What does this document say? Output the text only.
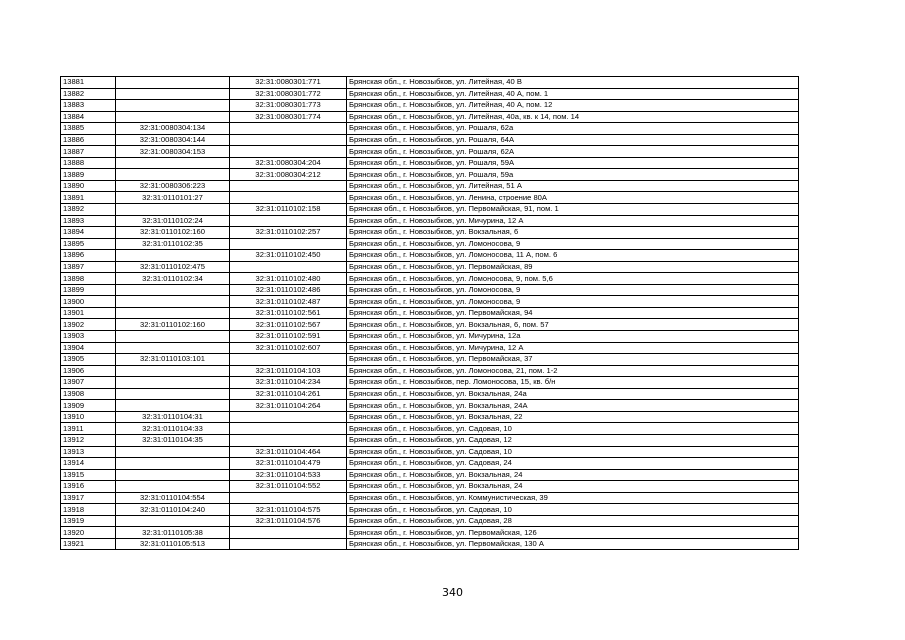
13881		32:31:0080301:771	Брянская обл., г. Новозыбков, ул. Литейная, 40 В
13882		32:31:0080301:772	Брянская обл., г. Новозыбков, ул. Литейная, 40 А, пом. 1
13883		32:31:0080301:773	Брянская обл., г. Новозыбков, ул. Литейная, 40 А, пом. 12
13884		32:31:0080301:774	Брянская обл., г. Новозыбков, ул. Литейная, 40а, кв. к 14, пом. 14
13885	32:31:0080304:134		Брянская обл., г. Новозыбков, ул. Рошаля, 62а
13886	32:31:0080304:144		Брянская обл., г. Новозыбков, ул. Рошаля, 64А
13887	32:31:0080304:153		Брянская обл., г. Новозыбков, ул. Рошаля, 62А
13888		32:31:0080304:204	Брянская обл., г. Новозыбков, ул. Рошаля, 59А
13889		32:31:0080304:212	Брянская обл., г. Новозыбков, ул. Рошаля, 59а
13890	32:31:0080306:223		Брянская обл., г. Новозыбков, ул. Литейная, 51 А
13891	32:31:0110101:27		Брянская обл., г. Новозыбков, ул. Ленина, строение 80А
13892		32:31:0110102:158	Брянская обл., г. Новозыбков, ул. Первомайская, 91, пом. 1
13893	32:31:0110102:24		Брянская обл., г. Новозыбков, ул. Мичурина, 12 А
13894	32:31:0110102:160	32:31:0110102:257	Брянская обл., г. Новозыбков, ул. Вокзальная, 6
13895	32:31:0110102:35		Брянская обл., г. Новозыбков, ул. Ломоносова, 9
13896		32:31:0110102:450	Брянская обл., г. Новозыбков, ул. Ломоносова, 11 А, пом. 6
13897	32:31:0110102:475		Брянская обл., г. Новозыбков, ул. Первомайская, 89
13898	32:31:0110102:34	32:31:0110102:480	Брянская обл., г. Новозыбков, ул. Ломоносова, 9, пом. 5,6
13899		32:31:0110102:486	Брянская обл., г. Новозыбков, ул. Ломоносова, 9
13900		32:31:0110102:487	Брянская обл., г. Новозыбков, ул. Ломоносова, 9
13901		32:31:0110102:561	Брянская обл., г. Новозыбков, ул. Первомайская, 94
13902	32:31:0110102:160	32:31:0110102:567	Брянская обл., г. Новозыбков, ул. Вокзальная, 6, пом. 57
13903		32:31:0110102:591	Брянская обл., г. Новозыбков, ул. Мичурина, 12а
13904		32:31:0110102:607	Брянская обл., г. Новозыбков, ул. Мичурина, 12 А
13905	32:31:0110103:101		Брянская обл., г. Новозыбков, ул. Первомайская, 37
13906		32:31:0110104:103	Брянская обл., г. Новозыбков, ул. Ломоносова, 21, пом. 1-2
13907		32:31:0110104:234	Брянская обл., г. Новозыбков, пер. Ломоносова, 15, кв. б/н
13908		32:31:0110104:261	Брянская обл., г. Новозыбков, ул. Вокзальная, 24а
13909		32:31:0110104:264	Брянская обл., г. Новозыбков, ул. Вокзальная, 24А
13910	32:31:0110104:31		Брянская обл., г. Новозыбков, ул. Вокзальная, 22
13911	32:31:0110104:33		Брянская обл., г. Новозыбков, ул. Садовая, 10
13912	32:31:0110104:35		Брянская обл., г. Новозыбков, ул. Садовая, 12
13913		32:31:0110104:464	Брянская обл., г. Новозыбков, ул. Садовая, 10
13914		32:31:0110104:479	Брянская обл., г. Новозыбков, ул. Садовая, 24
13915		32:31:0110104:533	Брянская обл., г. Новозыбков, ул. Вокзальная, 24
13916		32:31:0110104:552	Брянская обл., г. Новозыбков, ул. Вокзальная, 24
13917	32:31:0110104:554		Брянская обл., г. Новозыбков, ул. Коммунистическая, 39
13918	32:31:0110104:240	32:31:0110104:575	Брянская обл., г. Новозыбков, ул. Садовая, 10
13919		32:31:0110104:576	Брянская обл., г. Новозыбков, ул. Садовая, 28
13920	32:31:0110105:38		Брянская обл., г. Новозыбков, ул. Первомайская, 126
13921	32:31:0110105:513		Брянская обл., г. Новозыбков, ул. Первомайская, 130 А
340
